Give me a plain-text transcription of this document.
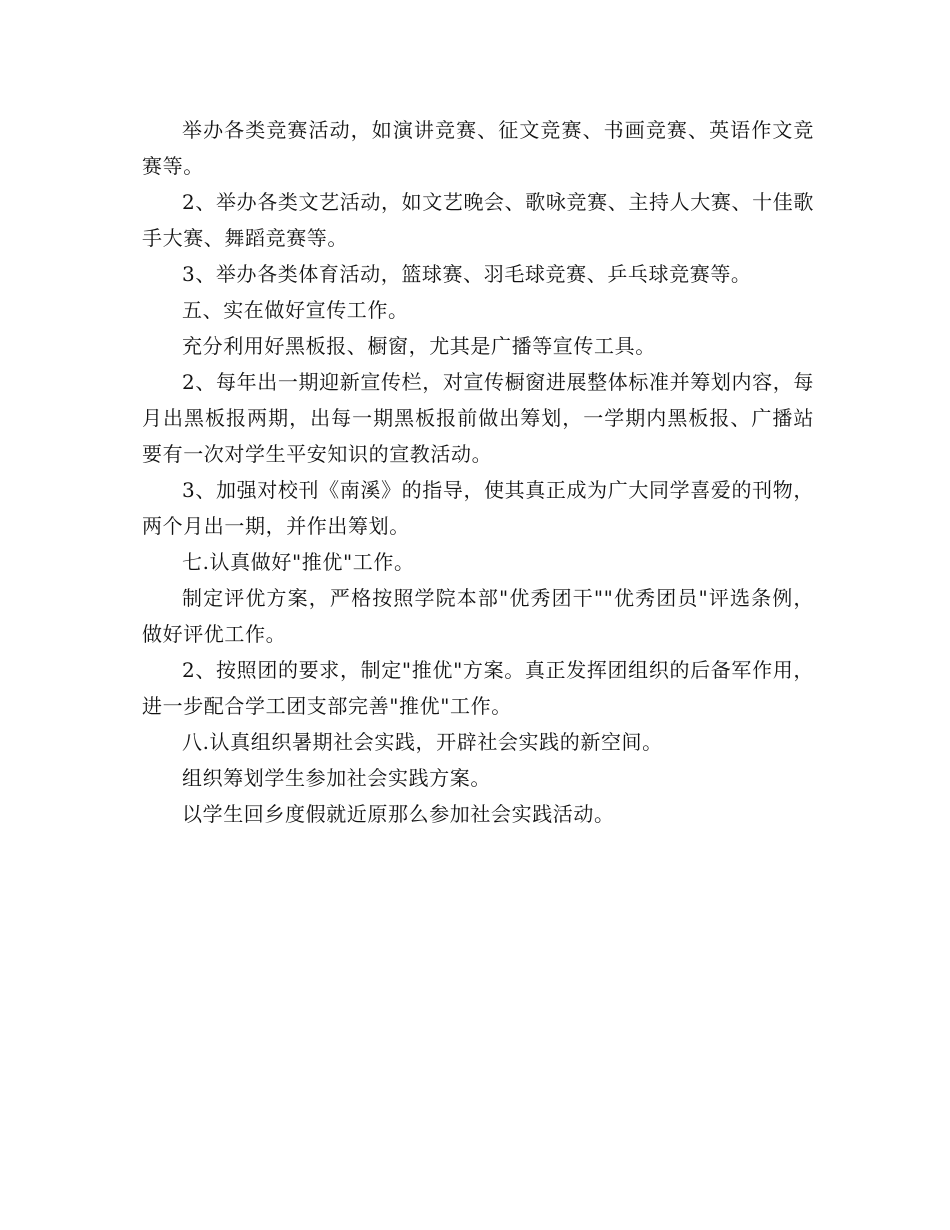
举办各类竞赛活动，如演讲竞赛、征文竞赛、书画竞赛、英语作文竞赛等。

2、举办各类文艺活动，如文艺晚会、歌咏竞赛、主持人大赛、十佳歌手大赛、舞蹈竞赛等。

3、举办各类体育活动，篮球赛、羽毛球竞赛、乒乓球竞赛等。

五、实在做好宣传工作。

充分利用好黑板报、橱窗，尤其是广播等宣传工具。

2、每年出一期迎新宣传栏，对宣传橱窗进展整体标准并筹划内容，每月出黑板报两期，出每一期黑板报前做出筹划，一学期内黑板报、广播站要有一次对学生平安知识的宣教活动。

3、加强对校刊《南溪》的指导，使其真正成为广大同学喜爱的刊物，两个月出一期，并作出筹划。

七.认真做好"推优"工作。

制定评优方案，严格按照学院本部"优秀团干""优秀团员"评选条例，做好评优工作。

2、按照团的要求，制定"推优"方案。真正发挥团组织的后备军作用，进一步配合学工团支部完善"推优"工作。

八.认真组织暑期社会实践，开辟社会实践的新空间。

组织筹划学生参加社会实践方案。

以学生回乡度假就近原那么参加社会实践活动。
